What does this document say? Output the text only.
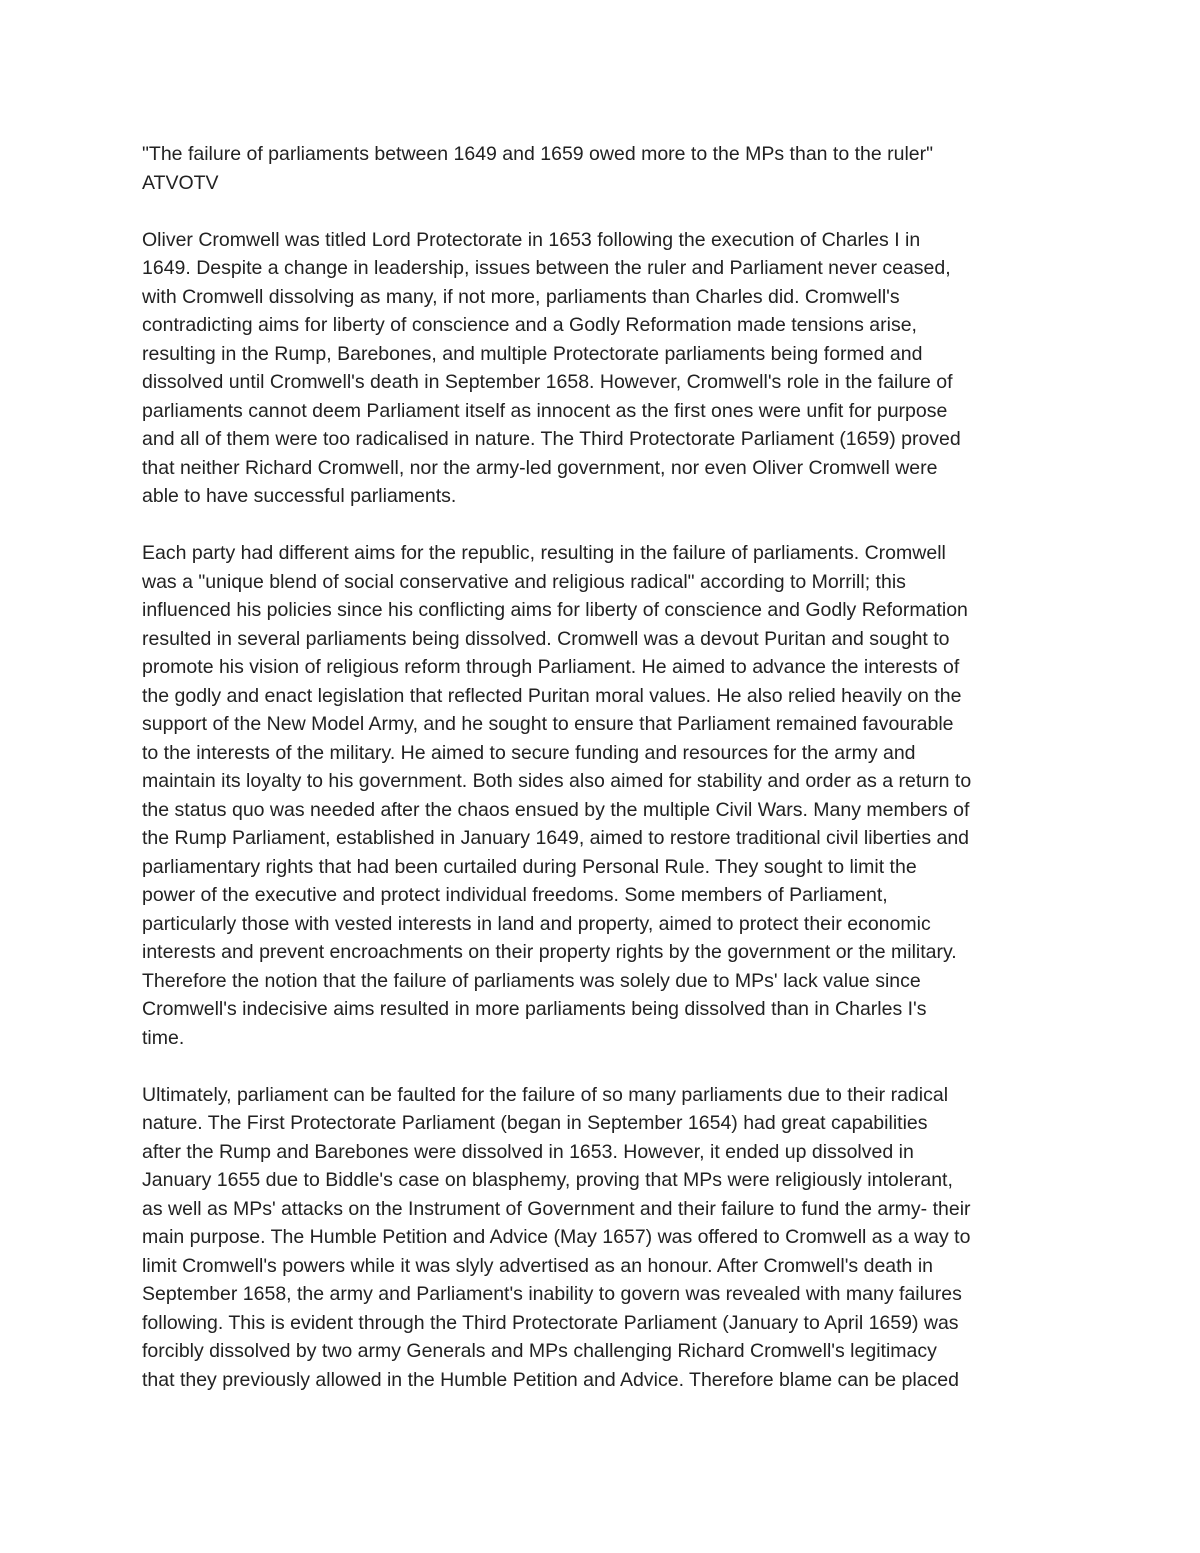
"The failure of parliaments between 1649 and 1659 owed more to the MPs than to the ruler"
ATVOTV
Oliver Cromwell was titled Lord Protectorate in 1653 following the execution of Charles I in
1649. Despite a change in leadership, issues between the ruler and Parliament never ceased,
with Cromwell dissolving as many, if not more, parliaments than Charles did. Cromwell's
contradicting aims for liberty of conscience and a Godly Reformation made tensions arise,
resulting in the Rump, Barebones, and multiple Protectorate parliaments being formed and
dissolved until Cromwell's death in September 1658. However, Cromwell's role in the failure of
parliaments cannot deem Parliament itself as innocent as the first ones were unfit for purpose
and all of them were too radicalised in nature. The Third Protectorate Parliament (1659) proved
that neither Richard Cromwell, nor the army-led government, nor even Oliver Cromwell were
able to have successful parliaments.
Each party had different aims for the republic, resulting in the failure of parliaments. Cromwell
was a "unique blend of social conservative and religious radical" according to Morrill; this
influenced his policies since his conflicting aims for liberty of conscience and Godly Reformation
resulted in several parliaments being dissolved. Cromwell was a devout Puritan and sought to
promote his vision of religious reform through Parliament. He aimed to advance the interests of
the godly and enact legislation that reflected Puritan moral values. He also relied heavily on the
support of the New Model Army, and he sought to ensure that Parliament remained favourable
to the interests of the military. He aimed to secure funding and resources for the army and
maintain its loyalty to his government. Both sides also aimed for stability and order as a return to
the status quo was needed after the chaos ensued by the multiple Civil Wars. Many members of
the Rump Parliament, established in January 1649, aimed to restore traditional civil liberties and
parliamentary rights that had been curtailed during Personal Rule. They sought to limit the
power of the executive and protect individual freedoms. Some members of Parliament,
particularly those with vested interests in land and property, aimed to protect their economic
interests and prevent encroachments on their property rights by the government or the military.
Therefore the notion that the failure of parliaments was solely due to MPs' lack value since
Cromwell's indecisive aims resulted in more parliaments being dissolved than in Charles I's
time.
Ultimately, parliament can be faulted for the failure of so many parliaments due to their radical
nature. The First Protectorate Parliament (began in September 1654) had great capabilities
after the Rump and Barebones were dissolved in 1653. However, it ended up dissolved in
January 1655 due to Biddle's case on blasphemy, proving that MPs were religiously intolerant,
as well as MPs' attacks on the Instrument of Government and their failure to fund the army- their
main purpose. The Humble Petition and Advice (May 1657) was offered to Cromwell as a way to
limit Cromwell's powers while it was slyly advertised as an honour. After Cromwell's death in
September 1658, the army and Parliament's inability to govern was revealed with many failures
following. This is evident through the Third Protectorate Parliament (January to April 1659) was
forcibly dissolved by two army Generals and MPs challenging Richard Cromwell's legitimacy
that they previously allowed in the Humble Petition and Advice. Therefore blame can be placed
